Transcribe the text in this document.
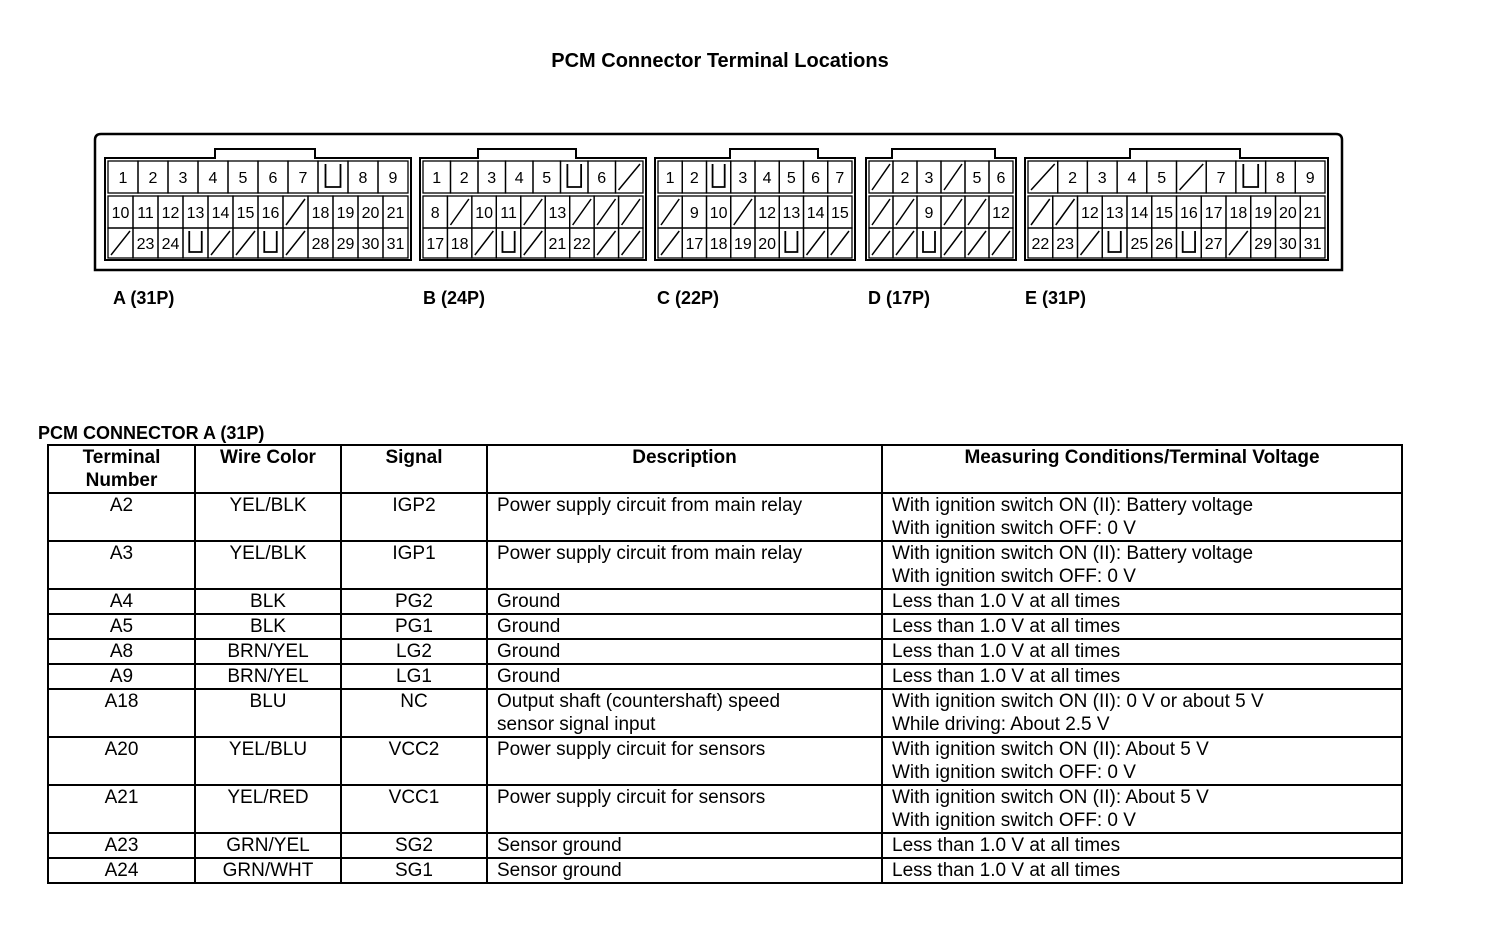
PCM Connector Terminal Locations
1 2 3 4 5 6 7	8 9
10 11 12 13 14 15 16 18 19 20 21
23 24	28 29 30 31
1 2 3 4 5	6
8 10 11 13
17 18	21 22
1 2 3 4 5 6 7
9 10 12 13 14 15
17 18 19 20
2 3 5 6
9	12
2 3 4 5	7	8 9
12 13 14 15 16 17 18 19 20 21
22 23	25 26 27 29 30 31
A (31P)	B (24P)	C (22P)	D (17P)	E (31P)
PCM CONNECTOR A (31P)
Terminal
Number	Wire Color	Signal	Description	Measuring Conditions/Terminal Voltage

A2	YEL/BLK	IGP2	Power supply circuit from main relay	With ignition switch ON (II): Battery voltage
With ignition switch OFF: 0 V

A3	YEL/BLK	IGP1	Power supply circuit from main relay	With ignition switch ON (II): Battery voltage
With ignition switch OFF: 0 V

A4	BLK	PG2	Ground	Less than 1.0 V at all times

A5	BLK	PG1	Ground	Less than 1.0 V at all times

A8	BRN/YEL	LG2	Ground	Less than 1.0 V at all times

A9	BRN/YEL	LG1	Ground	Less than 1.0 V at all times

A18	BLU	NC	Output shaft (countershaft) speed
sensor signal input	With ignition switch ON (II): 0 V or about 5 V
While driving: About 2.5 V

A20	YEL/BLU	VCC2	Power supply circuit for sensors	With ignition switch ON (II): About 5 V
With ignition switch OFF: 0 V

A21	YEL/RED	VCC1	Power supply circuit for sensors	With ignition switch ON (II): About 5 V
With ignition switch OFF: 0 V

A23	GRN/YEL	SG2	Sensor ground	Less than 1.0 V at all times

A24	GRN/WHT	SG1	Sensor ground	Less than 1.0 V at all times
